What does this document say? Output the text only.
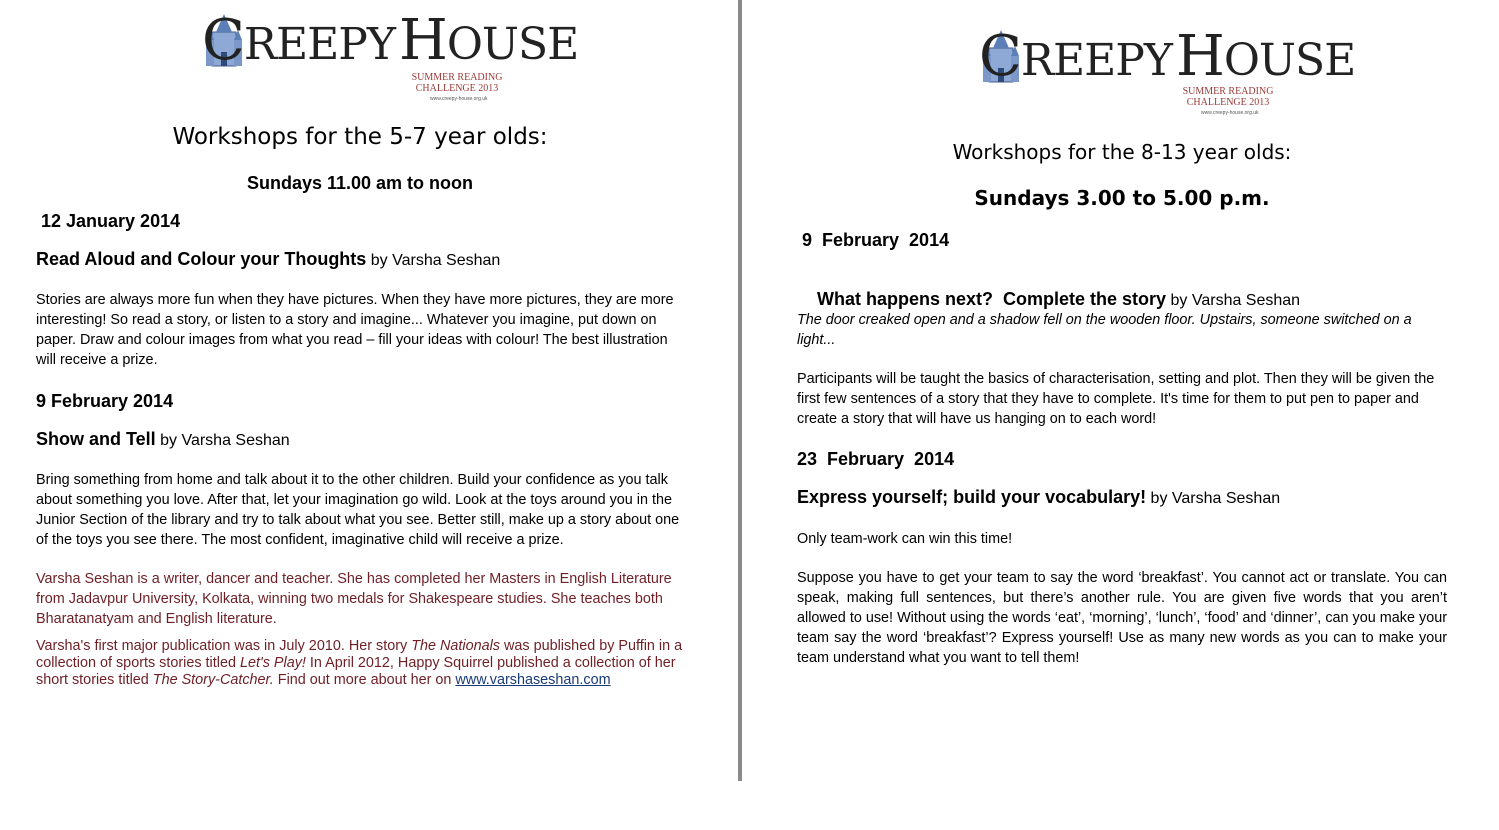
CREEPY HOUSE
SUMMER READING
CHALLENGE 2013
www.creepy-house.org.uk
Workshops for the 5-7 year olds:
Sundays 11.00 am to noon
12 January 2014
Read Aloud and Colour your Thoughts by Varsha Seshan
Stories are always more fun when they have pictures. When they have more pictures, they are more interesting! So read a story, or listen to a story and imagine... Whatever you imagine, put down on paper. Draw and colour images from what you read – fill your ideas with colour! The best illustration will receive a prize.
9 February 2014
Show and Tell by Varsha Seshan
Bring something from home and talk about it to the other children. Build your confidence as you talk about something you love. After that, let your imagination go wild. Look at the toys around you in the Junior Section of the library and try to talk about what you see. Better still, make up a story about one of the toys you see there. The most confident, imaginative child will receive a prize.
Varsha Seshan is a writer, dancer and teacher. She has completed her Masters in English Literature from Jadavpur University, Kolkata, winning two medals for Shakespeare studies. She teaches both Bharatanatyam and English literature.
Varsha's first major publication was in July 2010. Her story The Nationals was published by Puffin in a collection of sports stories titled Let's Play! In April 2012, Happy Squirrel published a collection of her short stories titled The Story-Catcher. Find out more about her on www.varshaseshan.com
CREEPY HOUSE
SUMMER READING
CHALLENGE 2013
www.creepy-house.org.uk
Workshops for the 8-13 year olds:
Sundays 3.00 to 5.00 p.m.
9  February  2014

What happens next?  Complete the story by Varsha Seshan

The door creaked open and a shadow fell on the wooden floor. Upstairs, someone switched on a light...
Participants will be taught the basics of characterisation, setting and plot. Then they will be given the first few sentences of a story that they have to complete. It's time for them to put pen to paper and create a story that will have us hanging on to each word!
23  February  2014
Express yourself; build your vocabulary! by Varsha Seshan
Only team-work can win this time!
Suppose you have to get your team to say the word ‘breakfast’. You cannot act or translate. You can speak, making full sentences, but there’s another rule. You are given five words that you aren’t allowed to use! Without using the words ‘eat’, ‘morning’, ‘lunch’, ‘food’ and ‘dinner’, can you make your team say the word ‘breakfast’? Express yourself! Use as many new words as you can to make your team understand what you want to tell them!
